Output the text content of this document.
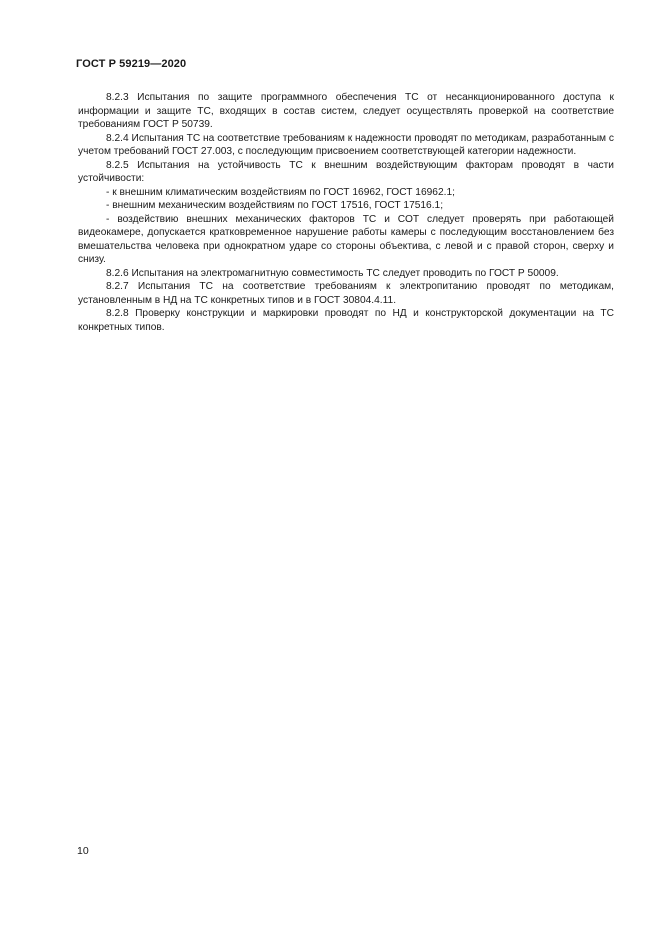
ГОСТ Р 59219—2020

8.2.3 Испытания по защите программного обеспечения ТС от несанкционированного доступа к информации и защите ТС, входящих в состав систем, следует осуществлять проверкой на соответствие требованиям ГОСТ Р 50739.

8.2.4 Испытания ТС на соответствие требованиям к надежности проводят по методикам, разработанным с учетом требований ГОСТ 27.003, с последующим присвоением соответствующей категории надежности.

8.2.5 Испытания на устойчивость ТС к внешним воздействующим факторам проводят в части устойчивости:

- к внешним климатическим воздействиям по ГОСТ 16962, ГОСТ 16962.1;

- внешним механическим воздействиям по ГОСТ 17516, ГОСТ 17516.1;

- воздействию внешних механических факторов ТС и СОТ следует проверять при работающей видеокамере, допускается кратковременное нарушение работы камеры с последующим восстановлением без вмешательства человека при однократном ударе со стороны объектива, с левой и с правой сторон, сверху и снизу.

8.2.6 Испытания на электромагнитную совместимость ТС следует проводить по ГОСТ Р 50009.

8.2.7 Испытания ТС на соответствие требованиям к электропитанию проводят по методикам, установленным в НД на ТС конкретных типов и в ГОСТ 30804.4.11.

8.2.8 Проверку конструкции и маркировки проводят по НД и конструкторской документации на ТС конкретных типов.

10
